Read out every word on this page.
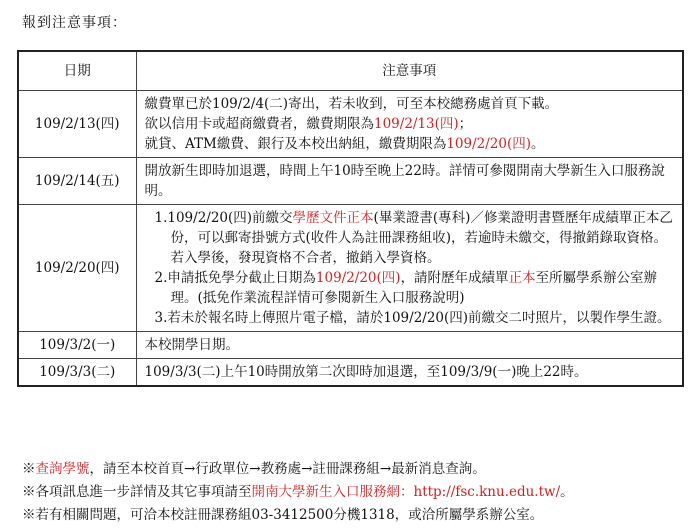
報到注意事項：
日期	注意事項
109/2/13(四)	繳費單已於109/2/4(二)寄出，若未收到，可至本校總務處首頁下載。
欲以信用卡或超商繳費者，繳費期限為109/2/13(四)；
就貸、ATM繳費、銀行及本校出納組，繳費期限為109/2/20(四)。

109/2/14(五)	開放新生即時加退選，時間上午10時至晚上22時。詳情可參閱開南大學新生入口服務說明。
109/2/20(四)	1.109/2/20(四)前繳交學歷文件正本(畢業證書(專科)／修業證明書暨歷年成績單正本乙份，可以郵寄掛號方式(收件人為註冊課務組收)，若逾時未繳交，得撤銷錄取資格。若入學後，發現資格不合者，撤銷入學資格。
2.申請抵免學分截止日期為109/2/20(四)，請附歷年成績單正本至所屬學系辦公室辦理。(抵免作業流程詳情可參閱新生入口服務說明)
3.若未於報名時上傳照片電子檔，請於109/2/20(四)前繳交二吋照片，以製作學生證。

109/3/2(一)	本校開學日期。
109/3/3(二)	109/3/3(二)上午10時開放第二次即時加退選，至109/3/9(一)晚上22時。
※查詢學號，請至本校首頁→行政單位→教務處→註冊課務組→最新消息查詢。
※各項訊息進一步詳情及其它事項請至開南大學新生入口服務網：http://fsc.knu.edu.tw/。
※若有相關問題，可洽本校註冊課務組03-3412500分機1318，或洽所屬學系辦公室。
